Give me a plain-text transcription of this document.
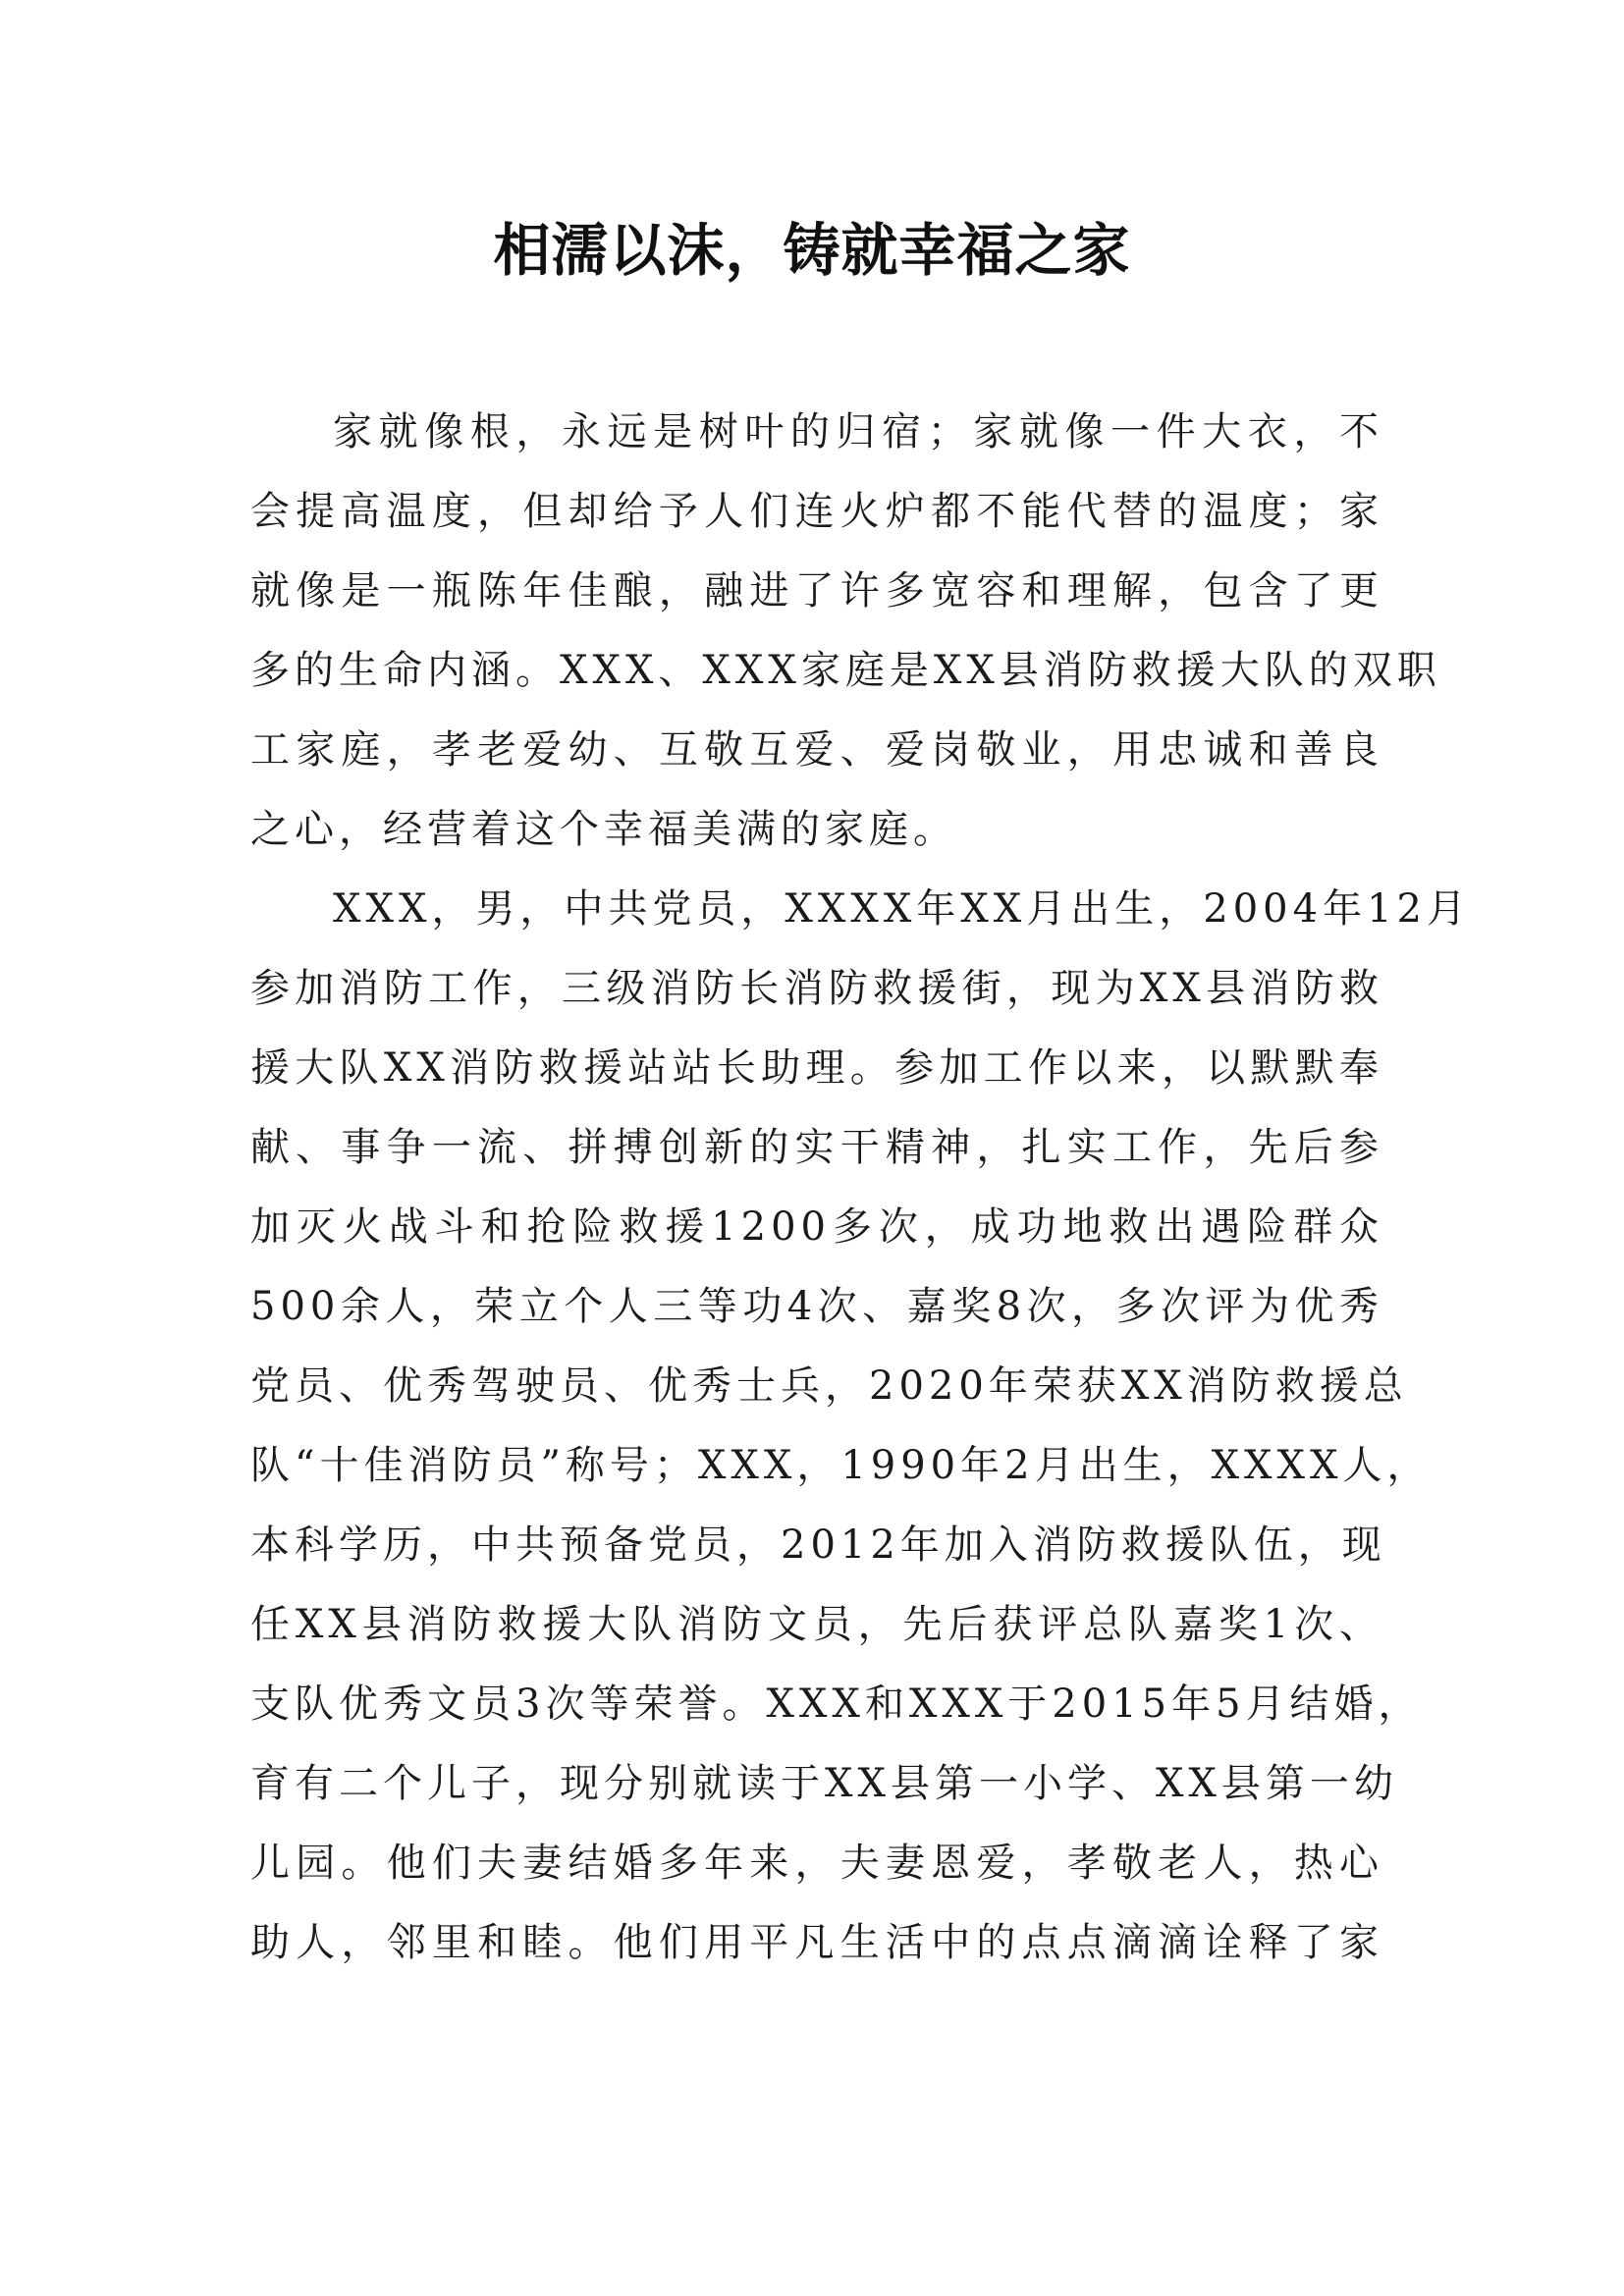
相濡以沫，铸就幸福之家
家就像根，永远是树叶的归宿；家就像一件大衣，不
会提高温度，但却给予人们连火炉都不能代替的温度；家
就像是一瓶陈年佳酿，融进了许多宽容和理解，包含了更
多的生命内涵。XXX、XXX家庭是XX县消防救援大队的双职
工家庭，孝老爱幼、互敬互爱、爱岗敬业，用忠诚和善良
之心，经营着这个幸福美满的家庭。
XXX，男，中共党员，XXXX年XX月出生，2004年12月
参加消防工作，三级消防长消防救援街，现为XX县消防救
援大队XX消防救援站站长助理。参加工作以来，以默默奉
献、事争一流、拼搏创新的实干精神，扎实工作，先后参
加灭火战斗和抢险救援1200多次，成功地救出遇险群众
500余人，荣立个人三等功4次、嘉奖8次，多次评为优秀
党员、优秀驾驶员、优秀士兵，2020年荣获XX消防救援总
队“十佳消防员”称号；XXX，1990年2月出生，XXXX人，
本科学历，中共预备党员，2012年加入消防救援队伍，现
任XX县消防救援大队消防文员，先后获评总队嘉奖1次、
支队优秀文员3次等荣誉。XXX和XXX于2015年5月结婚，
育有二个儿子，现分别就读于XX县第一小学、XX县第一幼
儿园。他们夫妻结婚多年来，夫妻恩爱，孝敬老人，热心
助人，邻里和睦。他们用平凡生活中的点点滴滴诠释了家
